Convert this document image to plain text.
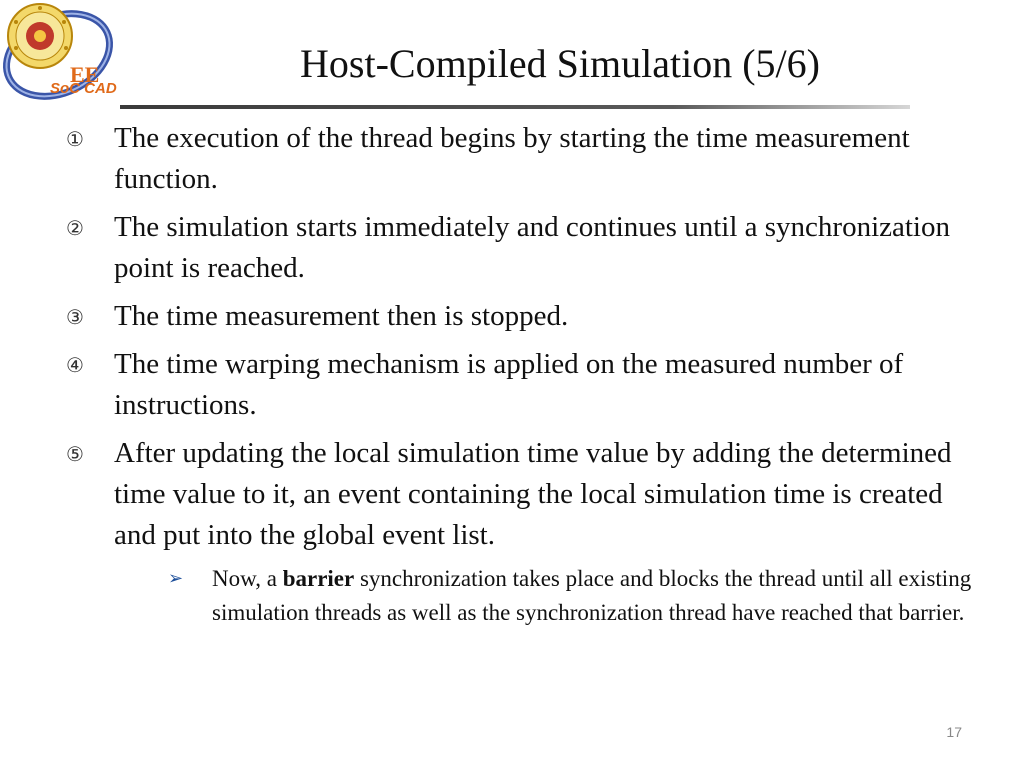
EE
SoC CAD
Host-Compiled Simulation (5/6)
① The execution of the thread begins by starting the time measurement function.
② The simulation starts immediately and continues until a synchronization point is reached.
③ The time measurement then is stopped.
④ The time warping mechanism is applied on the measured number of instructions.
⑤ After updating the local simulation time value by adding the determined time value to it, an event containing the local simulation time is created and put into the global event list.
➢ Now, a barrier synchronization takes place and blocks the thread until all existing simulation threads as well as the synchronization thread have reached that barrier.
17
